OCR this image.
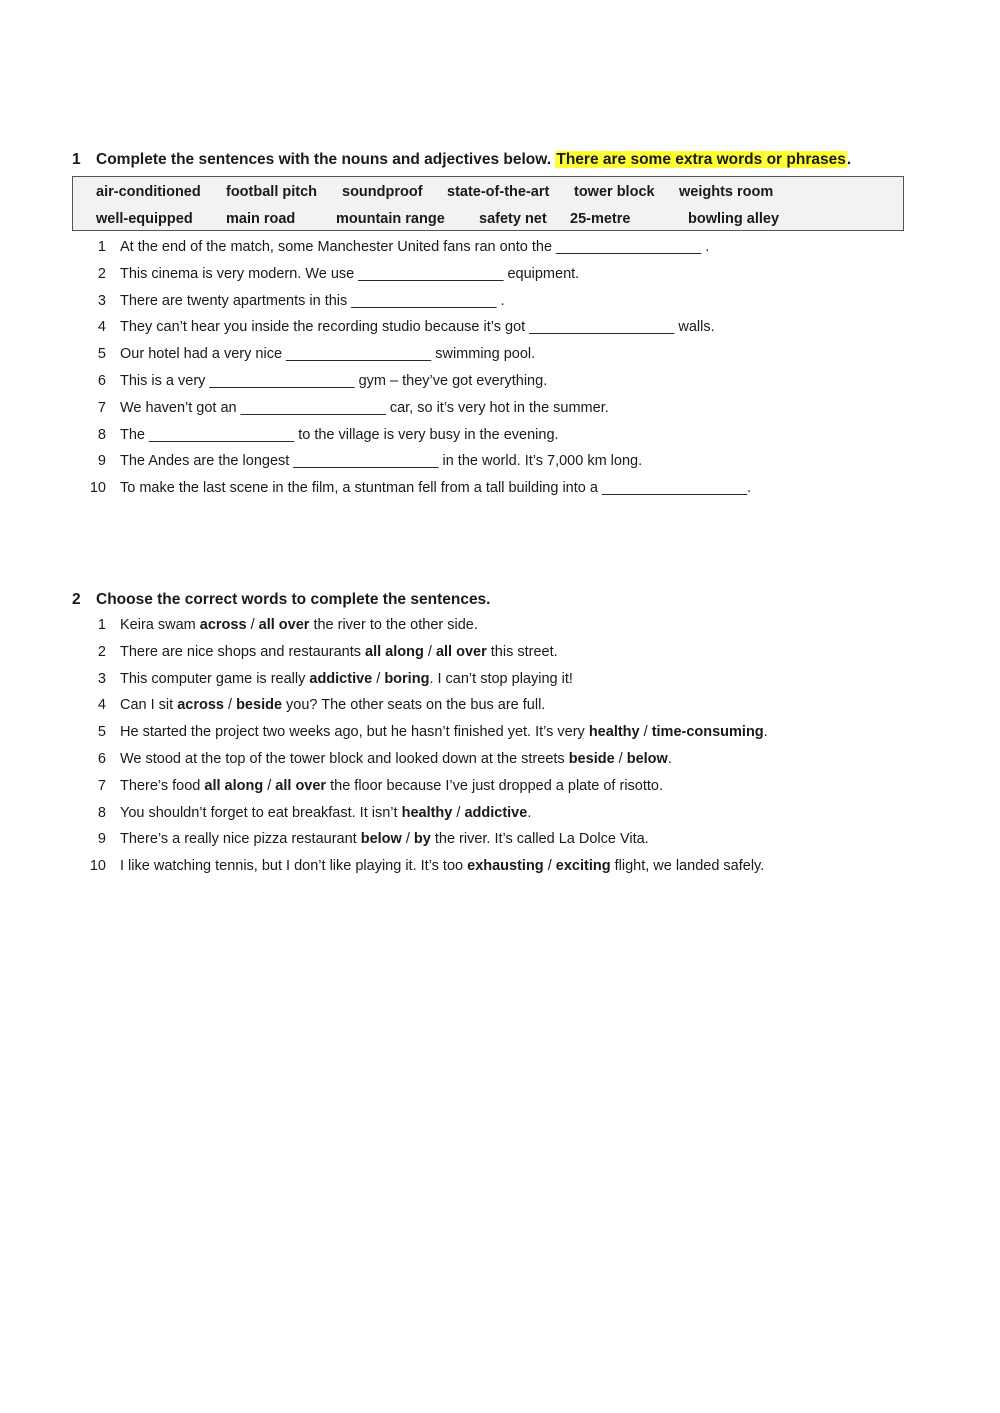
1 Complete the sentences with the nouns and adjectives below. There are some extra words or phrases.
air-conditioned football pitch soundproof state-of-the-art tower block weights room
well-equipped main road	mountain range safety net 25-metre	bowling alley
1 At the end of the match, some Manchester United fans ran onto the __________________ .
2 This cinema is very modern. We use __________________ equipment.
3 There are twenty apartments in this __________________ .
4 They can’t hear you inside the recording studio because it’s got __________________ walls.
5 Our hotel had a very nice __________________ swimming pool.
6 This is a very __________________ gym – they’ve got everything.
7 We haven’t got an __________________ car, so it’s very hot in the summer.
8 The __________________ to the village is very busy in the evening.
9 The Andes are the longest __________________ in the world. It’s 7,000 km long.
10 To make the last scene in the film, a stuntman fell from a tall building into a __________________.
2 Choose the correct words to complete the sentences.
1 Keira swam across / all over the river to the other side.
2 There are nice shops and restaurants all along / all over this street.
3 This computer game is really addictive / boring. I can’t stop playing it!
4 Can I sit across / beside you? The other seats on the bus are full.
5 He started the project two weeks ago, but he hasn’t finished yet. It’s very healthy / time-consuming.
6 We stood at the top of the tower block and looked down at the streets beside / below.
7 There’s food all along / all over the floor because I’ve just dropped a plate of risotto.
8 You shouldn’t forget to eat breakfast. It isn’t healthy / addictive.
9 There’s a really nice pizza restaurant below / by the river. It’s called La Dolce Vita.
10 I like watching tennis, but I don’t like playing it. It’s too exhausting / exciting flight, we landed safely.
